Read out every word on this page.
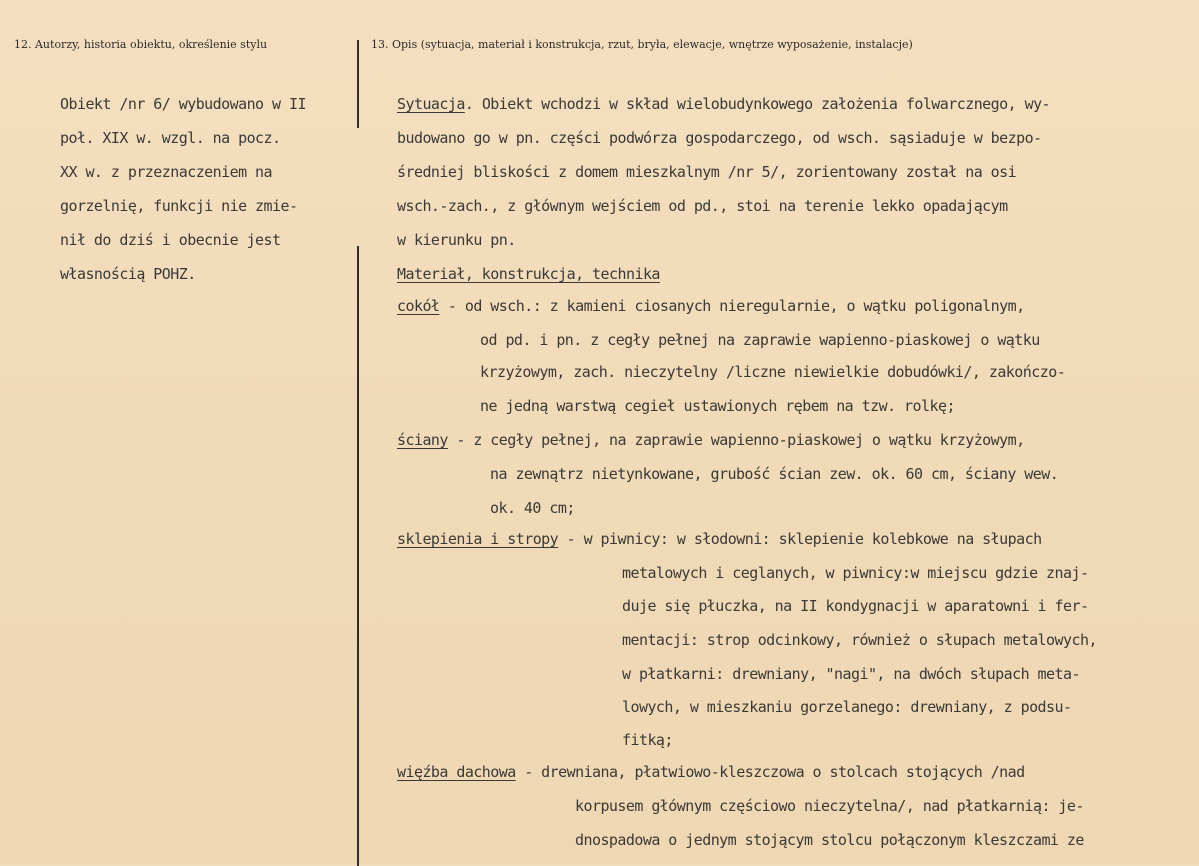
12. Autorzy, historia obiektu, określenie stylu	13. Opis (sytuacja, materiał i konstrukcja, rzut, bryła, elewacje, wnętrze wyposażenie, instalacje)
Obiekt /nr 6/ wybudowano w II
poł. XIX w. wzgl. na pocz.
XX w. z przeznaczeniem na
gorzelnię, funkcji nie zmie-
nił do dziś i obecnie jest
własnością POHZ.
Sytuacja. Obiekt wchodzi w skład wielobudynkowego założenia folwarcznego, wy-
budowano go w pn. części podwórza gospodarczego, od wsch. sąsiaduje w bezpo-
średniej bliskości z domem mieszkalnym /nr 5/, zorientowany został na osi
wsch.-zach., z głównym wejściem od pd., stoi na terenie lekko opadającym
w kierunku pn.
Materiał, konstrukcja, technika
cokół - od wsch.: z kamieni ciosanych nieregularnie, o wątku poligonalnym,
od pd. i pn. z cegły pełnej na zaprawie wapienno-piaskowej o wątku
krzyżowym, zach. nieczytelny /liczne niewielkie dobudówki/, zakończo-
ne jedną warstwą cegieł ustawionych rębem na tzw. rolkę;
ściany - z cegły pełnej, na zaprawie wapienno-piaskowej o wątku krzyżowym,
na zewnątrz nietynkowane, grubość ścian zew. ok. 60 cm, ściany wew.
ok. 40 cm;
sklepienia i stropy - w piwnicy: w słodowni: sklepienie kolebkowe na słupach
metalowych i ceglanych, w piwnicy:w miejscu gdzie znaj-
duje się płuczka, na II kondygnacji w aparatowni i fer-
mentacji: strop odcinkowy, również o słupach metalowych,
w płatkarni: drewniany, "nagi", na dwóch słupach meta-
lowych, w mieszkaniu gorzelanego: drewniany, z podsu-
fitką;
więźba dachowa - drewniana, płatwiowo-kleszczowa o stolcach stojących /nad
korpusem głównym częściowo nieczytelna/, nad płatkarnią: je-
dnospadowa o jednym stojącym stolcu połączonym kleszczami ze
